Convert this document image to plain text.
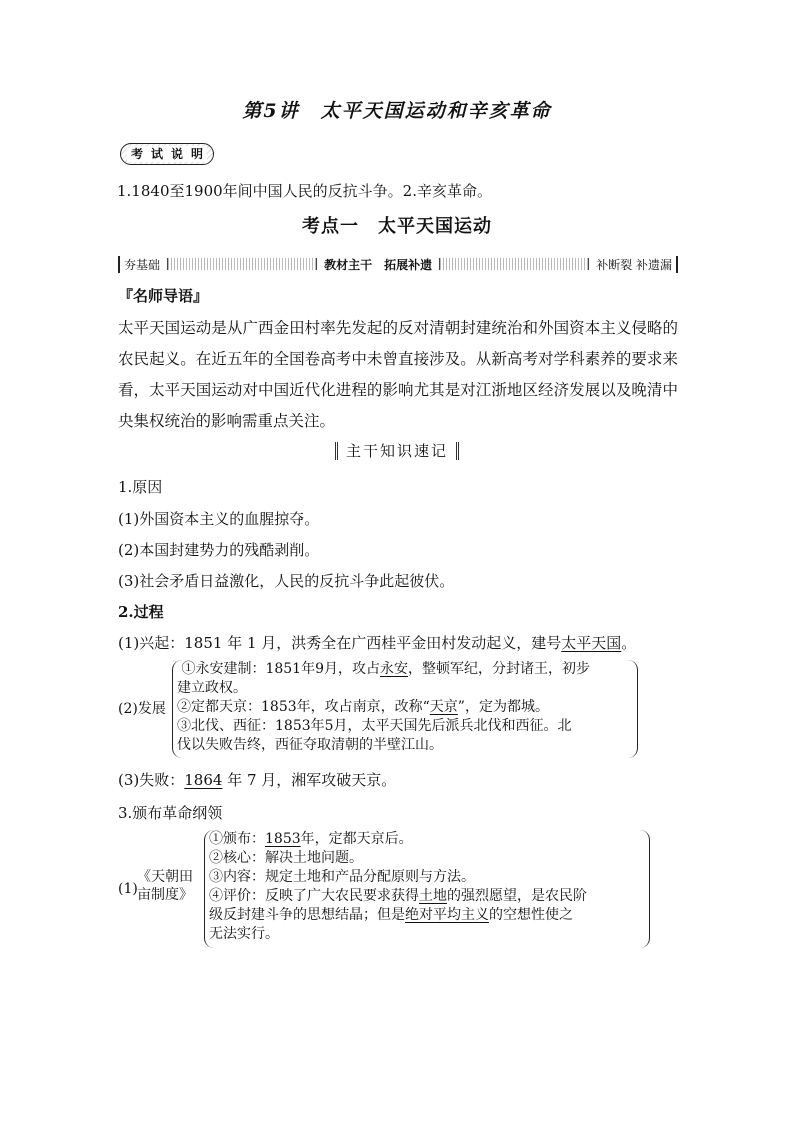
第5讲　太平天国运动和辛亥革命
考 试 说 明
1.1840至1900年间中国人民的反抗斗争。2.辛亥革命。
考点一　太平天国运动
夯基础	教材主干　拓展补遗	补断裂 补遗漏
『名师导语』
太平天国运动是从广西金田村率先发起的反对清朝封建统治和外国资本主义侵略的农民起义。在近五年的全国卷高考中未曾直接涉及。从新高考对学科素养的要求来看，太平天国运动对中国近代化进程的影响尤其是对江浙地区经济发展以及晚清中央集权统治的影响需重点关注。
主干知识速记
1.原因
(1)外国资本主义的血腥掠夺。
(2)本国封建势力的残酷剥削。
(3)社会矛盾日益激化，人民的反抗斗争此起彼伏。
2.过程
(1)兴起：1851 年 1 月，洪秀全在广西桂平金田村发动起义，建号太平天国。
(2)发展
①永安建制：1851年9月，攻占永安，整顿军纪，分封诸王，初步
建立政权。
②定都天京：1853年，攻占南京，改称“天京”，定为都城。
③北伐、西征：1853年5月，太平天国先后派兵北伐和西征。北
伐以失败告终，西征夺取清朝的半壁江山。
(3)失败：1864 年 7 月，湘军攻破天京。
3.颁布革命纲领
(1)
《天朝田
亩制度》
①颁布：1853年，定都天京后。
②核心：解决土地问题。
③内容：规定土地和产品分配原则与方法。
④评价：反映了广大农民要求获得土地的强烈愿望，是农民阶
级反封建斗争的思想结晶；但是绝对平均主义的空想性使之
无法实行。
